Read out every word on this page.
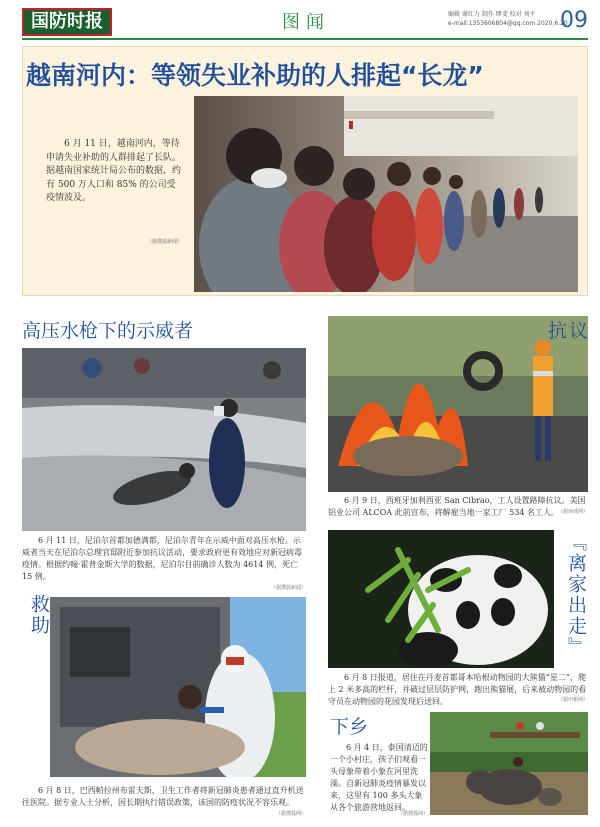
国防时报	图闻	编辑 谢红力 制作 缪斐 校对 刘平
e-mail:1353606804@qq.com 2020.6.20
09
越南河内：等领失业补助的人排起“长龙”
6 月 11 日，越南河内，等待申请失业补助的人群排起了长队。据越南国家统计局公布的数据，约有 500 万人口和 85% 的公司受疫情波及。
（据搜狐新闻）
高压水枪下的示威者
6 月 11 日，尼泊尔首都加德满都，尼泊尔青年在示威中面对高压水枪。示威者当天在尼泊尔总理官邸附近参加抗议活动，要求政府更有效地应对新冠病毒疫情。根据约翰·霍普金斯大学的数据，尼泊尔目前确诊人数为 4614 例，死亡 15 例。
（据搜狐新闻）
抗议
6 月 9 日，西班牙加利西亚 San Cibrao，工人设置路障抗议。美国铝业公司 ALCOA 此前宣布，将解雇当地一家工厂 534 名工人。
（据环球网）
救助
6 月 8 日，巴西帕拉州布雷夫斯，卫生工作者将新冠肺炎患者通过直升机送往医院。据专业人士分析，因长期执行错误政策，该国的防疫状况不容乐观。
（据搜狐网）
『离家出走』
6 月 8 日报道，居住在丹麦首都哥本哈根动物园的大熊猫“星二”，爬上 2 米多高的栏杆，并破过层层防护网，跑出熊猫展，后来被动物园的看守员在动物园的花园发现后送回。	（据中新网）
下乡
6 月 4 日，泰国清迈的一个小村庄，孩子们观看一头母象带着小象在河里洗澡。自新冠肺炎疫情暴发以来，这里有 100 多头大象从各个旅游营地返回。
（据搜狐网）
